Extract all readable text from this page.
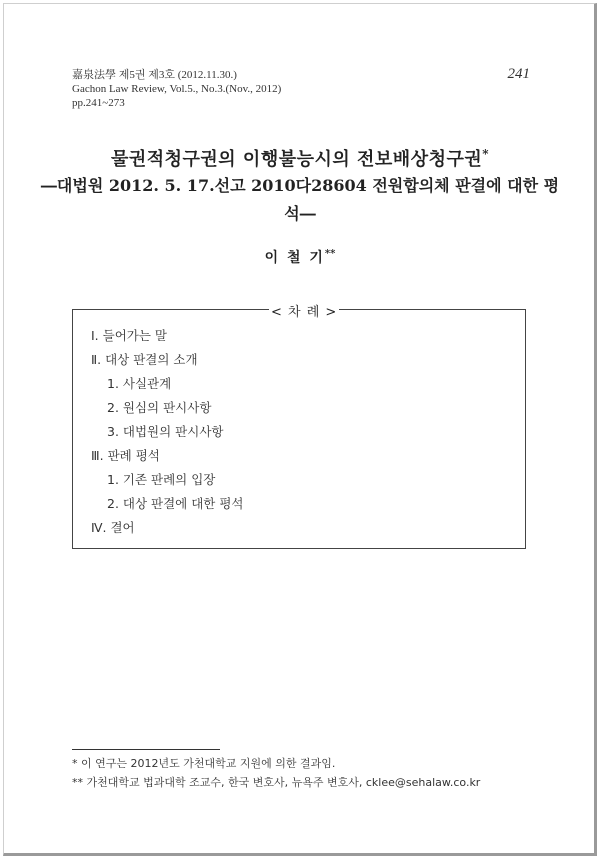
嘉泉法學 제5권 제3호 (2012.11.30.)
Gachon Law Review, Vol.5., No.3.(Nov., 2012)
pp.241~273
241
물권적청구권의 이행불능시의 전보배상청구권*
―대법원 2012. 5. 17.선고 2010다28604 전원합의체 판결에 대한 평석―
이 철 기**
< 차 례 >
Ⅰ. 들어가는 말
Ⅱ. 대상 판결의 소개
1. 사실관계
2. 원심의 판시사항
3. 대법원의 판시사항
Ⅲ. 판례 평석
1. 기존 판례의 입장
2. 대상 판결에 대한 평석
Ⅳ. 결어
* 이 연구는 2012년도 가천대학교 지원에 의한 결과임.
** 가천대학교 법과대학 조교수, 한국 변호사, 뉴욕주 변호사, cklee@sehalaw.co.kr
